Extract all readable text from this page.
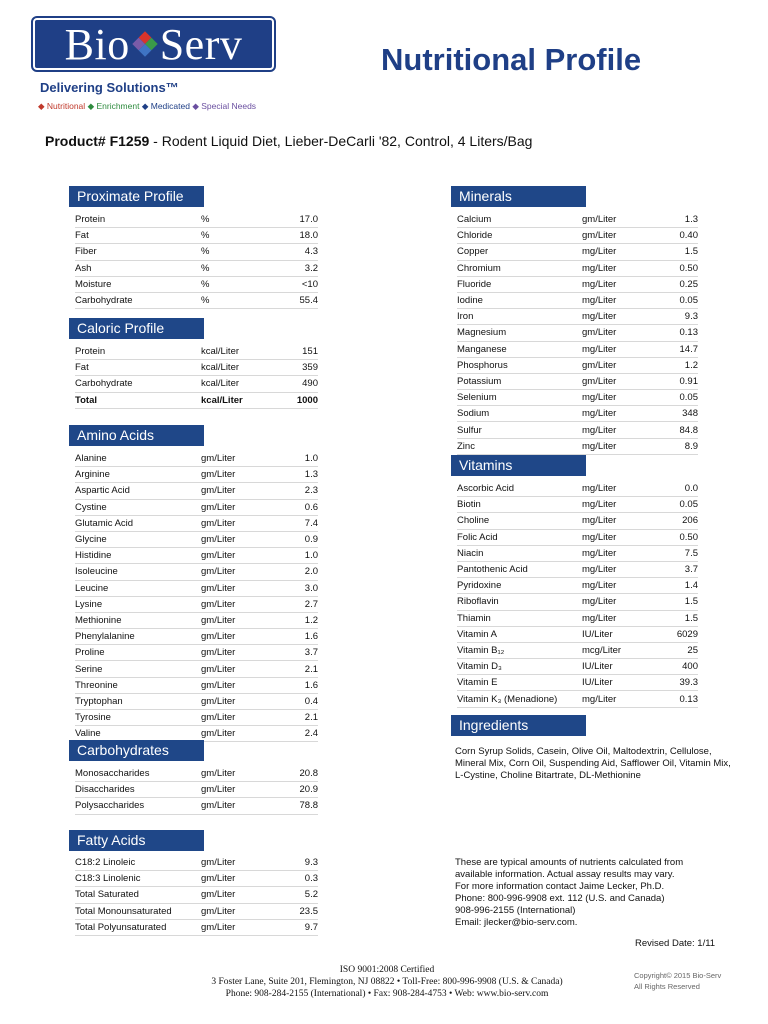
Bio Serv
Delivering Solutions™
◆ Nutritional ◆ Enrichment ◆ Medicated ◆ Special Needs
Nutritional Profile
Product# F1259 - Rodent Liquid Diet, Lieber-DeCarli '82, Control, 4 Liters/Bag
Proximate Profile
Protein	%	17.0
Fat	%	18.0
Fiber	%	4.3
Ash	%	3.2
Moisture	%	<10
Carbohydrate	%	55.4
Caloric Profile
Protein	kcal/Liter	151
Fat	kcal/Liter	359
Carbohydrate	kcal/Liter	490
Total	kcal/Liter	1000
Amino Acids
Alanine	gm/Liter	1.0
Arginine	gm/Liter	1.3
Aspartic Acid	gm/Liter	2.3
Cystine	gm/Liter	0.6
Glutamic Acid	gm/Liter	7.4
Glycine	gm/Liter	0.9
Histidine	gm/Liter	1.0
Isoleucine	gm/Liter	2.0
Leucine	gm/Liter	3.0
Lysine	gm/Liter	2.7
Methionine	gm/Liter	1.2
Phenylalanine	gm/Liter	1.6
Proline	gm/Liter	3.7
Serine	gm/Liter	2.1
Threonine	gm/Liter	1.6
Tryptophan	gm/Liter	0.4
Tyrosine	gm/Liter	2.1
Valine	gm/Liter	2.4
Carbohydrates
Monosaccharides	gm/Liter	20.8
Disaccharides	gm/Liter	20.9
Polysaccharides	gm/Liter	78.8
Fatty Acids
C18:2 Linoleic	gm/Liter	9.3
C18:3 Linolenic	gm/Liter	0.3
Total Saturated	gm/Liter	5.2
Total Monounsaturated	gm/Liter	23.5
Total Polyunsaturated	gm/Liter	9.7
Minerals
Calcium	gm/Liter	1.3
Chloride	gm/Liter	0.40
Copper	mg/Liter	1.5
Chromium	mg/Liter	0.50
Fluoride	mg/Liter	0.25
Iodine	mg/Liter	0.05
Iron	mg/Liter	9.3
Magnesium	gm/Liter	0.13
Manganese	mg/Liter	14.7
Phosphorus	gm/Liter	1.2
Potassium	gm/Liter	0.91
Selenium	mg/Liter	0.05
Sodium	mg/Liter	348
Sulfur	mg/Liter	84.8
Zinc	mg/Liter	8.9
Vitamins
Ascorbic Acid	mg/Liter	0.0
Biotin	mg/Liter	0.05
Choline	mg/Liter	206
Folic Acid	mg/Liter	0.50
Niacin	mg/Liter	7.5
Pantothenic Acid	mg/Liter	3.7
Pyridoxine	mg/Liter	1.4
Riboflavin	mg/Liter	1.5
Thiamin	mg/Liter	1.5
Vitamin A	IU/Liter	6029
Vitamin B₁₂	mcg/Liter	25
Vitamin D₃	IU/Liter	400
Vitamin E	IU/Liter	39.3
Vitamin K₃ (Menadione)	mg/Liter	0.13
Ingredients
Corn Syrup Solids, Casein, Olive Oil, Maltodextrin, Cellulose, Mineral Mix, Corn Oil, Suspending Aid, Safflower Oil, Vitamin Mix, L-Cystine, Choline Bitartrate, DL-Methionine
These are typical amounts of nutrients calculated from
available information. Actual assay results may vary.
For more information contact Jaime Lecker, Ph.D.
Phone: 800-996-9908 ext. 112 (U.S. and Canada)
908-996-2155 (International)
Email: jlecker@bio-serv.com.
Revised Date: 1/11
ISO 9001:2008 Certified
3 Foster Lane, Suite 201, Flemington, NJ 08822 • Toll-Free: 800-996-9908 (U.S. & Canada)
Phone: 908-284-2155 (International) • Fax: 908-284-4753 • Web: www.bio-serv.com
Copyright© 2015 Bio-Serv
All Rights Reserved
